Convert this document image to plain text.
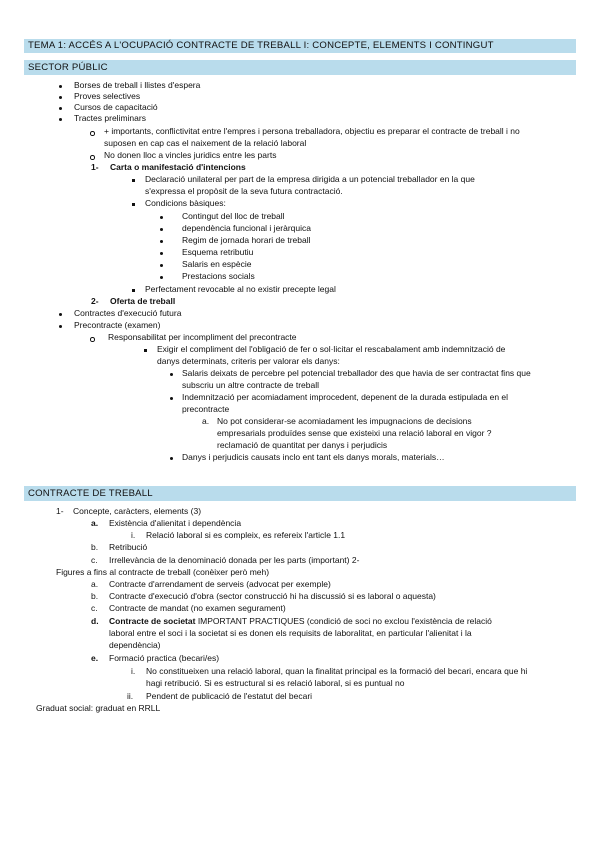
TEMA 1: ACCÉS A L'OCUPACIÓ CONTRACTE DE TREBALL I: CONCEPTE, ELEMENTS I CONTINGUT
SECTOR PÚBLIC
Borses de treball i llistes d'espera
Proves selectives
Cursos de capacitació
Tractes preliminars
+ importants, conflictivitat entre l'empres i persona treballadora, objectiu es preparar el contracte de treball i no
suposen en cap cas el naixement de la relació laboral
No donen lloc a vincles juridics entre les parts
1- Carta o manifestació d'intencions
Declaració unilateral per part de la empresa dirigida a un potencial treballador en la que
s'expressa el propòsit de la seva futura contractació.
Condicions bàsiques:
Contingut del lloc de treball
dependència funcional i jeràrquica
Regim de jornada horari de treball
Esquema retributiu
Salaris en espècie
Prestacions socials
Perfectament revocable al no existir precepte legal
2- Oferta de treball
Contractes d'execució futura
Precontracte (examen)
Responsabilitat per incompliment del precontracte
Exigir el compliment del l'obligació de fer o sol·licitar el rescabalament amb indemnització de
danys determinats, criteris per valorar els danys:
Salaris deixats de percebre pel potencial treballador des que havia de ser contractat fins que
subscriu un altre contracte de treball
Indemnització per acomiadament improcedent, depenent de la durada estipulada en el
precontracte
a. No pot considerar-se acomiadament les impugnacions de decisions
empresarials produïdes sense que existeixi una relació laboral en vigor ?
reclamació de quantitat per danys i perjudicis
Danys i perjudicis causats inclo ent tant els danys morals, materials…
CONTRACTE DE TREBALL
1- Concepte, caràcters, elements (3)
a. Existència d'alienitat i dependència
i. Relació laboral si es compleix, es refereix l'article 1.1
b. Retribució
c. Irrellevància de la denominació donada per les parts (important) 2-
Figures a fins al contracte de treball (conèixer però meh)
a. Contracte d'arrendament de serveis (advocat per exemple)
b. Contracte d'execució d'obra (sector construcció hi ha discussió si es laboral o aquesta)
c. Contracte de mandat (no examen segurament)
d. Contracte de societat IMPORTANT PRACTIQUES (condició de soci no exclou l'existència de relació
laboral entre el soci i la societat si es donen els requisits de laboralitat, en particular l'alienitat i la
dependència)
e. Formació practica (becari/es)
i. No constitueixen una relació laboral, quan la finalitat principal es la formació del becari, encara que hi
hagi retribució. Si es estructural si es relació laboral, si es puntual no
ii. Pendent de publicació de l'estatut del becari
Graduat social: graduat en RRLL
